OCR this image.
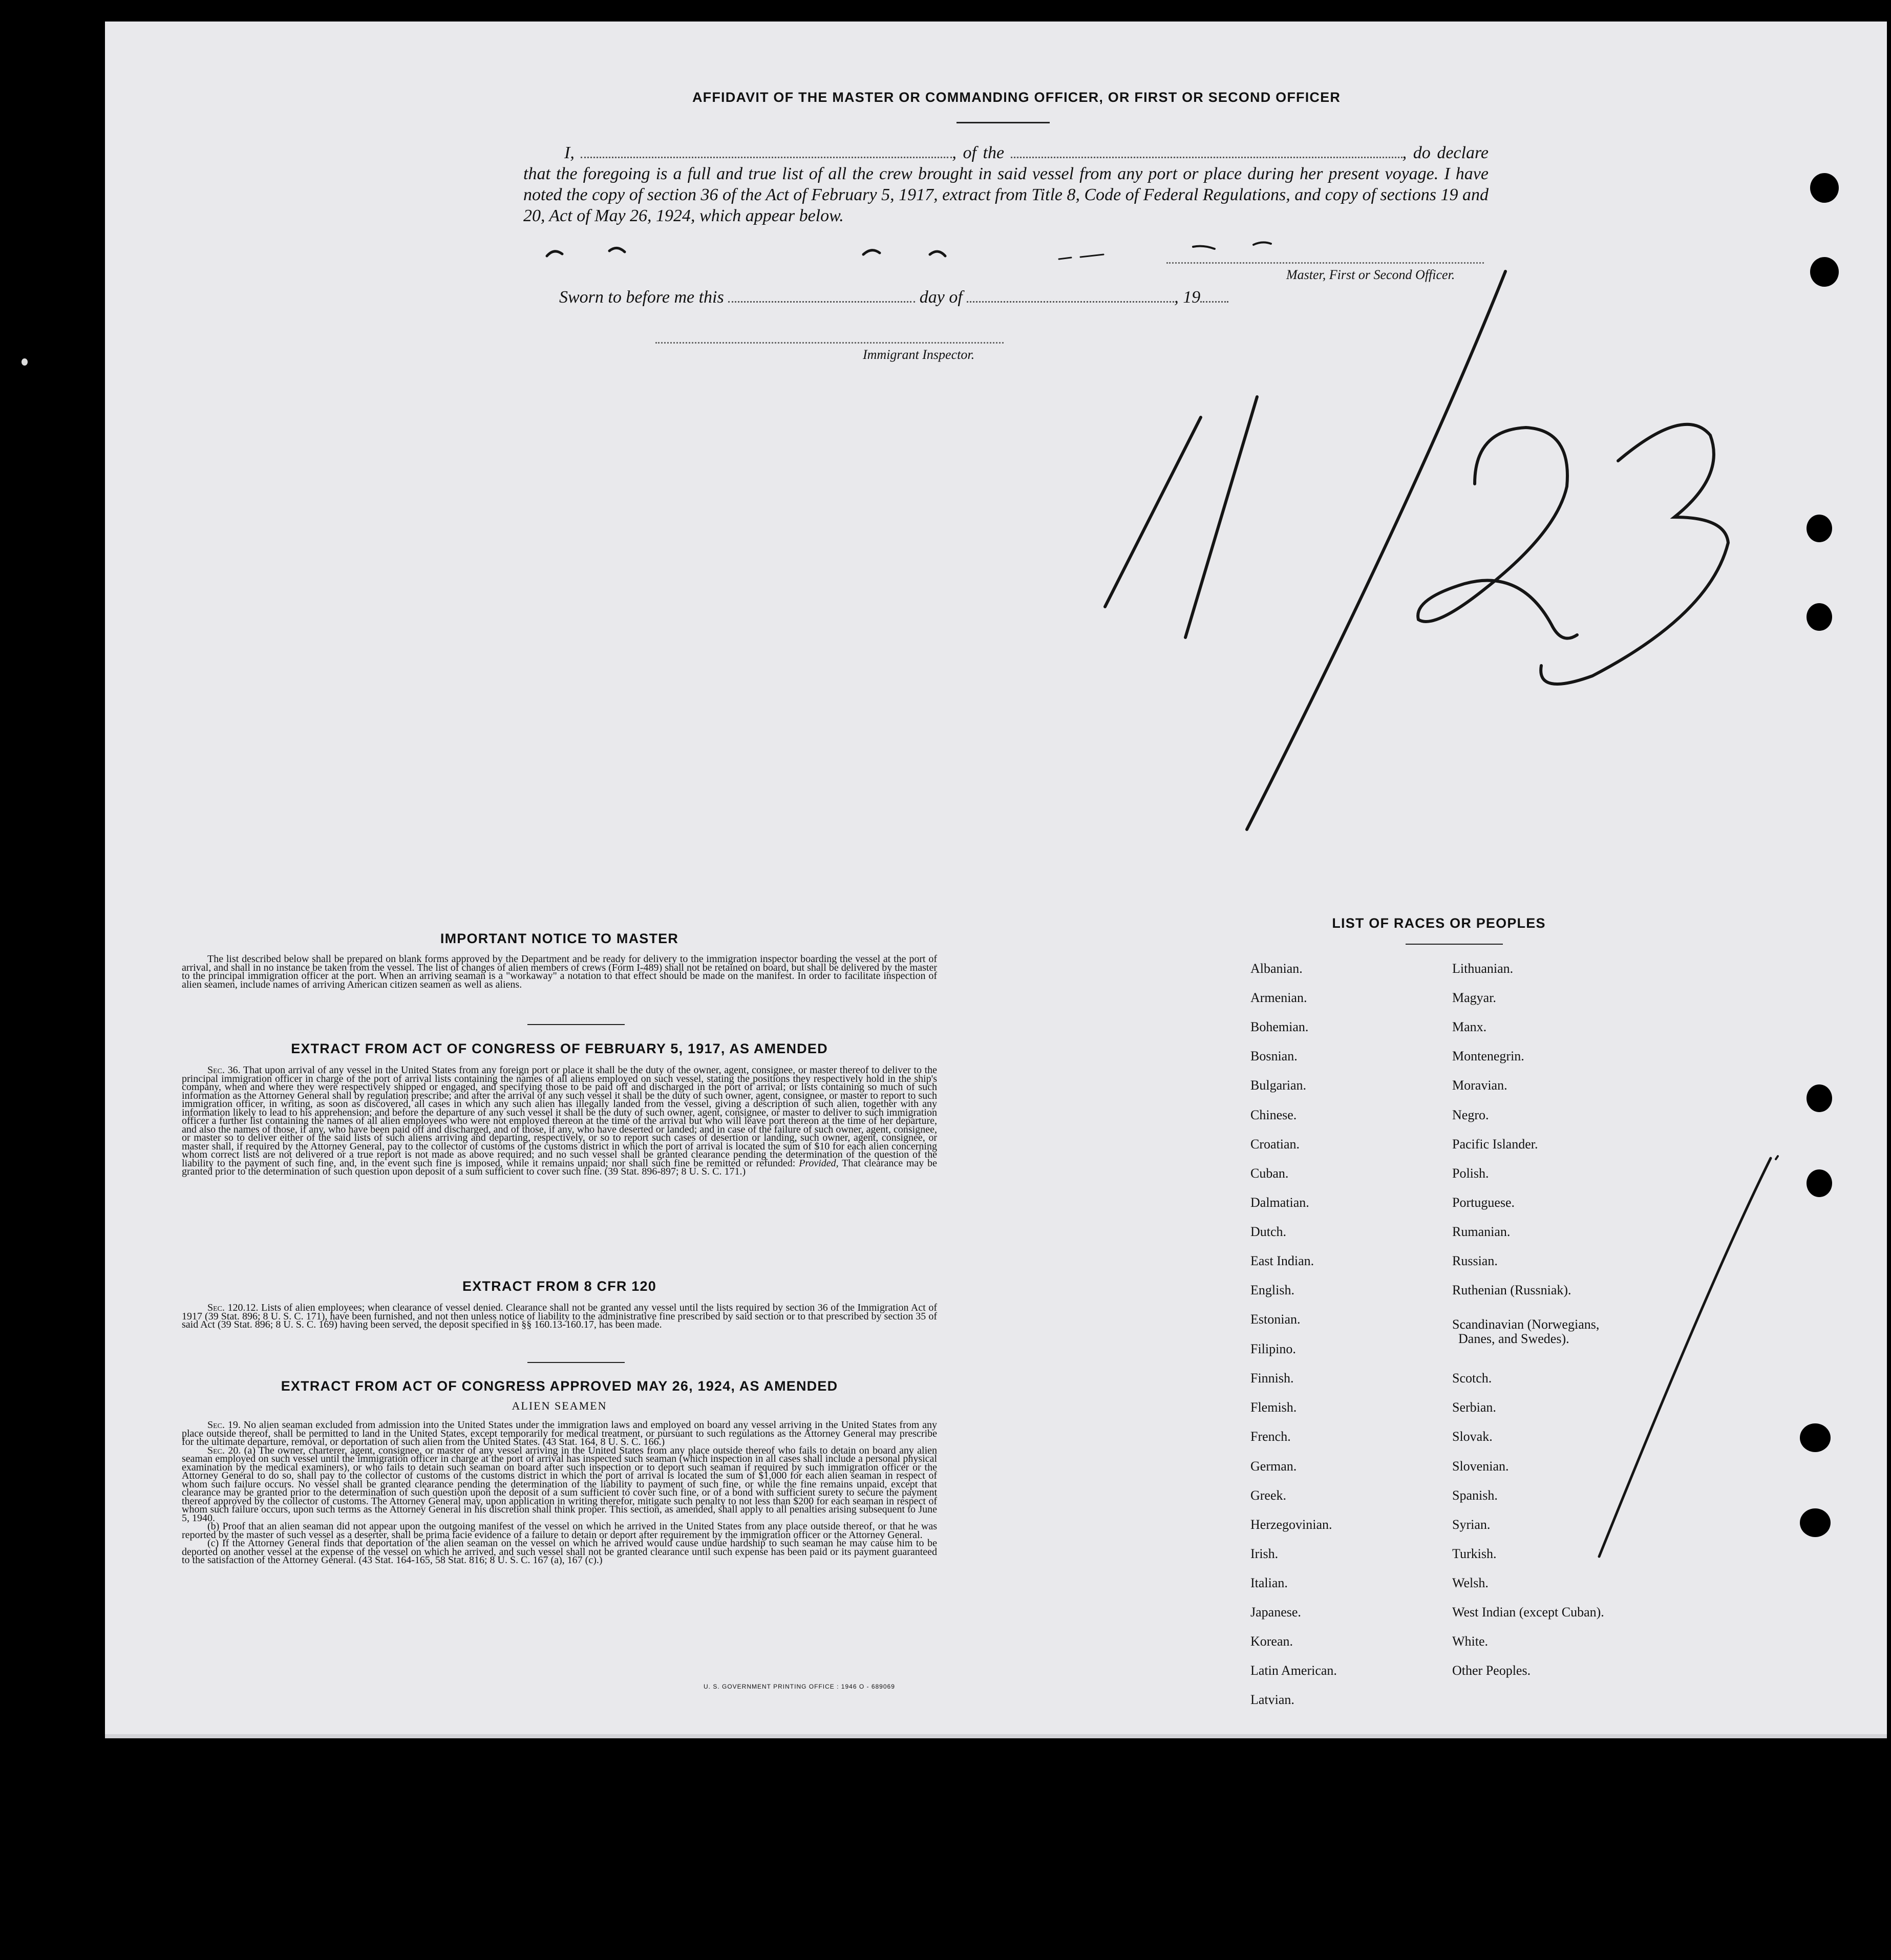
AFFIDAVIT OF THE MASTER OR COMMANDING OFFICER, OR FIRST OR SECOND OFFICER

I,	, of the	, do declare

that the foregoing is a full and true list of all the crew brought in said vessel from any port or place during her present voyage. I have noted the copy of section 36 of the Act of February 5, 1917, extract from Title 8, Code of Federal Regulations, and copy of sections 19 and 20, Act of May 26, 1924, which appear below.

Master, First or Second Officer.
Sworn to before me this	day of	, 19
Immigrant Inspector.
IMPORTANT NOTICE TO MASTER

The list described below shall be prepared on blank forms approved by the Department and be ready for delivery to the immigration inspector boarding the vessel at the port of arrival, and shall in no instance be taken from the vessel. The list of changes of alien members of crews (Form I-489) shall not be retained on board, but shall be delivered by the master to the principal immigration officer at the port. When an arriving seaman is a "workaway" a notation to that effect should be made on the manifest. In order to facilitate inspection of alien seamen, include names of arriving American citizen seamen as well as aliens.

EXTRACT FROM ACT OF CONGRESS OF FEBRUARY 5, 1917, AS AMENDED

Sec. 36. That upon arrival of any vessel in the United States from any foreign port or place it shall be the duty of the owner, agent, consignee, or master thereof to deliver to the principal immigration officer in charge of the port of arrival lists containing the names of all aliens employed on such vessel, stating the positions they respectively hold in the ship's company, when and where they were respectively shipped or engaged, and specifying those to be paid off and discharged in the port of arrival; or lists containing so much of such information as the Attorney General shall by regulation prescribe; and after the arrival of any such vessel it shall be the duty of such owner, agent, consignee, or master to report to such immigration officer, in writing, as soon as discovered, all cases in which any such alien has illegally landed from the vessel, giving a description of such alien, together with any information likely to lead to his apprehension; and before the departure of any such vessel it shall be the duty of such owner, agent, consignee, or master to deliver to such immigration officer a further list containing the names of all alien employees who were not employed thereon at the time of the arrival but who will leave port thereon at the time of her departure, and also the names of those, if any, who have been paid off and discharged, and of those, if any, who have deserted or landed; and in case of the failure of such owner, agent, consignee, or master so to deliver either of the said lists of such aliens arriving and departing, respectively, or so to report such cases of desertion or landing, such owner, agent, consignee, or master shall, if required by the Attorney General, pay to the collector of customs of the customs district in which the port of arrival is located the sum of $10 for each alien concerning whom correct lists are not delivered or a true report is not made as above required; and no such vessel shall be granted clearance pending the determination of the question of the liability to the payment of such fine, and, in the event such fine is imposed, while it remains unpaid; nor shall such fine be remitted or refunded: Provided, That clearance may be granted prior to the determination of such question upon deposit of a sum sufficient to cover such fine. (39 Stat. 896-897; 8 U. S. C. 171.)

EXTRACT FROM 8 CFR 120

Sec. 120.12. Lists of alien employees; when clearance of vessel denied. Clearance shall not be granted any vessel until the lists required by section 36 of the Immigration Act of 1917 (39 Stat. 896; 8 U. S. C. 171), have been furnished, and not then unless notice of liability to the administrative fine prescribed by said section or to that prescribed by section 35 of said Act (39 Stat. 896; 8 U. S. C. 169) having been served, the deposit specified in §§ 160.13-160.17, has been made.

EXTRACT FROM ACT OF CONGRESS APPROVED MAY 26, 1924, AS AMENDED
ALIEN SEAMEN

Sec. 19. No alien seaman excluded from admission into the United States under the immigration laws and employed on board any vessel arriving in the United States from any place outside thereof, shall be permitted to land in the United States, except temporarily for medical treatment, or pursuant to such regulations as the Attorney General may prescribe for the ultimate departure, removal, or deportation of such alien from the United States. (43 Stat. 164, 8 U. S. C. 166.)

Sec. 20. (a) The owner, charterer, agent, consignee, or master of any vessel arriving in the United States from any place outside thereof who fails to detain on board any alien seaman employed on such vessel until the immigration officer in charge at the port of arrival has inspected such seaman (which inspection in all cases shall include a personal physical examination by the medical examiners), or who fails to detain such seaman on board after such inspection or to deport such seaman if required by such immigration officer or the Attorney General to do so, shall pay to the collector of customs of the customs district in which the port of arrival is located the sum of $1,000 for each alien seaman in respect of whom such failure occurs. No vessel shall be granted clearance pending the determination of the liability to payment of such fine, or while the fine remains unpaid, except that clearance may be granted prior to the determination of such question upon the deposit of a sum sufficient to cover such fine, or of a bond with sufficient surety to secure the payment thereof approved by the collector of customs. The Attorney General may, upon application in writing therefor, mitigate such penalty to not less than $200 for each seaman in respect of whom such failure occurs, upon such terms as the Attorney General in his discretion shall think proper. This section, as amended, shall apply to all penalties arising subsequent to June 5, 1940.

(b) Proof that an alien seaman did not appear upon the outgoing manifest of the vessel on which he arrived in the United States from any place outside thereof, or that he was reported by the master of such vessel as a deserter, shall be prima facie evidence of a failure to detain or deport after requirement by the immigration officer or the Attorney General.

(c) If the Attorney General finds that deportation of the alien seaman on the vessel on which he arrived would cause undue hardship to such seaman he may cause him to be deported on another vessel at the expense of the vessel on which he arrived, and such vessel shall not be granted clearance until such expense has been paid or its payment guaranteed to the satisfaction of the Attorney General. (43 Stat. 164-165, 58 Stat. 816; 8 U. S. C. 167 (a), 167 (c).)

U. S. GOVERNMENT PRINTING OFFICE : 1946 O - 689069
LIST OF RACES OR PEOPLES
Albanian.
Armenian.
Bohemian.
Bosnian.
Bulgarian.
Chinese.
Croatian.
Cuban.
Dalmatian.
Dutch.
East Indian.
English.
Estonian.
Filipino.
Finnish.
Flemish.
French.
German.
Greek.
Herzegovinian.
Irish.
Italian.
Japanese.
Korean.
Latin American.
Latvian.
Lithuanian.
Magyar.
Manx.
Montenegrin.
Moravian.
Negro.
Pacific Islander.
Polish.
Portuguese.
Rumanian.
Russian.
Ruthenian (Russniak).
Scandinavian (Norwegians,
Danes, and Swedes).
Scotch.
Serbian.
Slovak.
Slovenian.
Spanish.
Syrian.
Turkish.
Welsh.
West Indian (except Cuban).
White.
Other Peoples.
